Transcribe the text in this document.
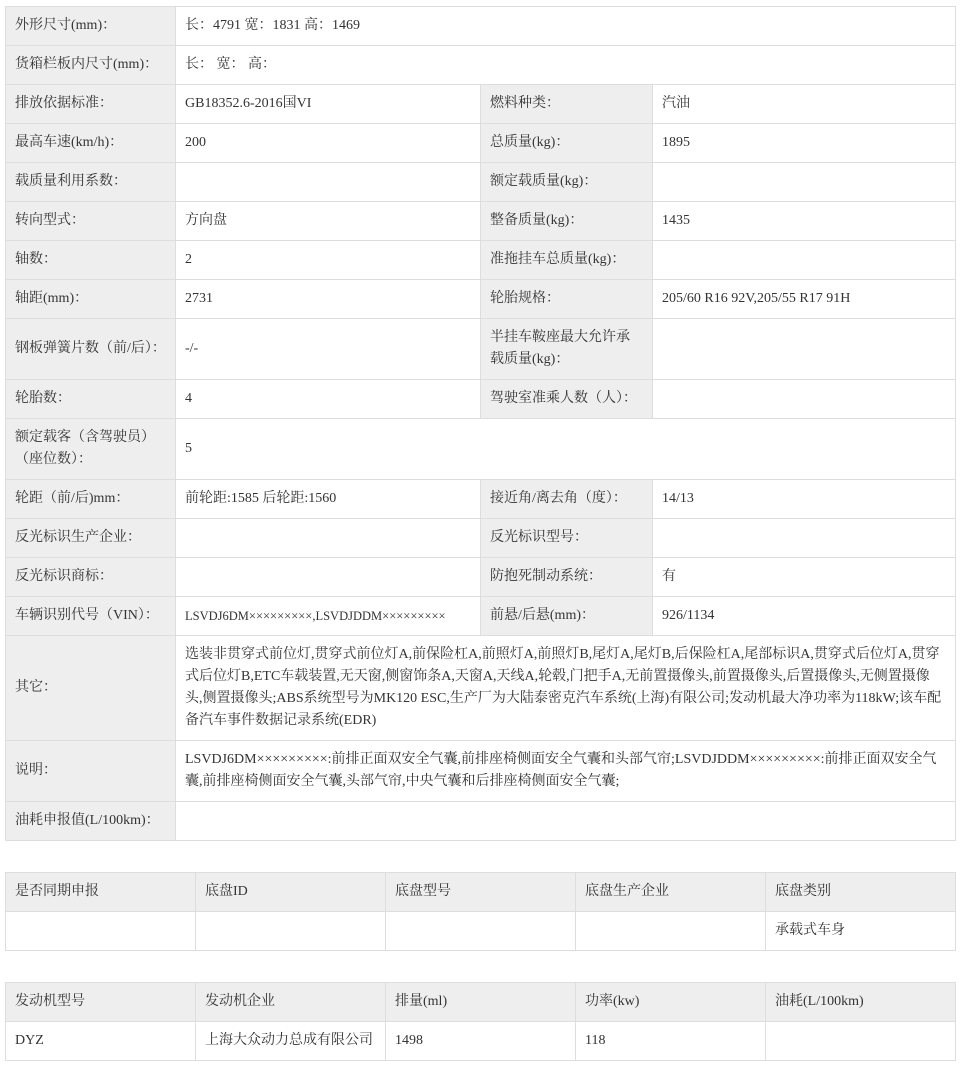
外形尺寸(mm)：	长：4791 宽：1831 高：1469		
货箱栏板内尺寸(mm)：	长： 宽： 高：		
排放依据标准：	GB18352.6-2016国VI	燃料种类：	汽油
最高车速(km/h)：	200	总质量(kg)：	1895
载质量利用系数：		额定载质量(kg)：	
转向型式：	方向盘	整备质量(kg)：	1435
轴数：	2	准拖挂车总质量(kg)：	
轴距(mm)：	2731	轮胎规格：	205/60 R16 92V,205/55 R17 91H
钢板弹簧片数（前/后）：	-/-	半挂车鞍座最大允许承载质量(kg)：	
轮胎数：	4	驾驶室准乘人数（人）：	
额定载客（含驾驶员）（座位数）：	5		
轮距（前/后)mm：	前轮距:1585 后轮距:1560	接近角/离去角（度）：	14/13
反光标识生产企业：		反光标识型号：	
反光标识商标：		防抱死制动系统：	有
车辆识别代号（VIN）：	LSVDJ6DM×××××××××,LSVDJDDM×××××××××	前悬/后悬(mm)：	926/1134
其它：	选装非贯穿式前位灯,贯穿式前位灯A,前保险杠A,前照灯A,前照灯B,尾灯A,尾灯B,后保险杠A,尾部标识A,贯穿式后位灯A,贯穿式后位灯B,ETC车载装置,无天窗,侧窗饰条A,天窗A,天线A,轮毂,门把手A,无前置摄像头,前置摄像头,后置摄像头,无侧置摄像头,侧置摄像头;ABS系统型号为MK120 ESC,生产厂为大陆泰密克汽车系统(上海)有限公司;发动机最大净功率为118kW;该车配备汽车事件数据记录系统(EDR)		
说明：	LSVDJ6DM×××××××××:前排正面双安全气囊,前排座椅侧面安全气囊和头部气帘;LSVDJDDM×××××××××:前排正面双安全气囊,前排座椅侧面安全气囊,头部气帘,中央气囊和后排座椅侧面安全气囊;		
油耗申报值(L/100km)：			
是否同期申报	底盘ID	底盘型号	底盘生产企业	底盘类别
				承载式车身
发动机型号	发动机企业	排量(ml)	功率(kw)	油耗(L/100km)
DYZ	上海大众动力总成有限公司	1498	118	
